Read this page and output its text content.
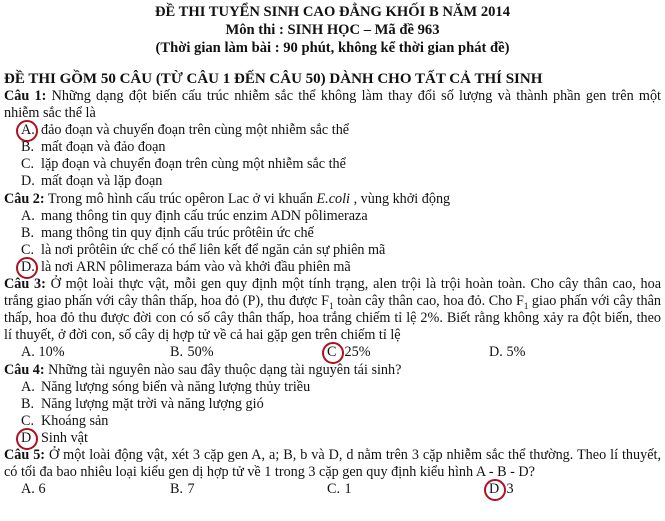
ĐỀ THI TUYỂN SINH CAO ĐẲNG KHỐI B NĂM 2014
Môn thi : SINH HỌC – Mã đề 963
(Thời gian làm bài : 90 phút, không kể thời gian phát đề)
ĐỀ THI GỒM 50 CÂU (TỪ CÂU 1 ĐẾN CÂU 50) DÀNH CHO TẤT CẢ THÍ SINH
Câu 1: Những dạng đột biến cấu trúc nhiễm sắc thể không làm thay đổi số lượng và thành phần gen trên một nhiễm sắc thể là
A. đảo đoạn và chuyển đoạn trên cùng một nhiễm sắc thể
B. mất đoạn và đảo đoạn
C. lặp đoạn và chuyển đoạn trên cùng một nhiễm sắc thể
D. mất đoạn và lặp đoạn
Câu 2: Trong mô hình cấu trúc opêron Lac ở vi khuẩn E.coli , vùng khởi động
A. mang thông tin quy định cấu trúc enzim ADN pôlimeraza
B. mang thông tin quy định cấu trúc prôtêin ức chế
C. là nơi prôtêin ức chế có thể liên kết để ngăn cản sự phiên mã
D. là nơi ARN pôlimeraza bám vào và khởi đầu phiên mã
Câu 3: Ở một loài thực vật, mỗi gen quy định một tính trạng, alen trội là trội hoàn toàn. Cho cây thân cao, hoa trắng giao phấn với cây thân thấp, hoa đỏ (P), thu được $F_1$ toàn cây thân cao, hoa đỏ. Cho $F_1$ giao phấn với cây thân thấp, hoa đỏ thu được đời con có số cây thân thấp, hoa trắng chiếm tỉ lệ 2%. Biết rằng không xảy ra đột biến, theo lí thuyết, ở đời con, số cây dị hợp tử về cả hai gặp gen trên chiếm tỉ lệ
A. 10%	B. 50%	C 25%	D. 5%
Câu 4: Những tài nguyên nào sau đây thuộc dạng tài nguyên tái sinh?
A. Năng lượng sóng biển và năng lượng thủy triều
B. Năng lượng mặt trời và năng lượng gió
C. Khoáng sản
D Sinh vật
Câu 5: Ở một loài động vật, xét 3 cặp gen A, a; B, b và D, d nằm trên 3 cặp nhiễm sắc thể thường. Theo lí thuyết, có tối đa bao nhiêu loại kiểu gen dị hợp tử về 1 trong 3 cặp gen quy định kiểu hình A - B - D?
A. 6	B. 7	C. 1	D 3
